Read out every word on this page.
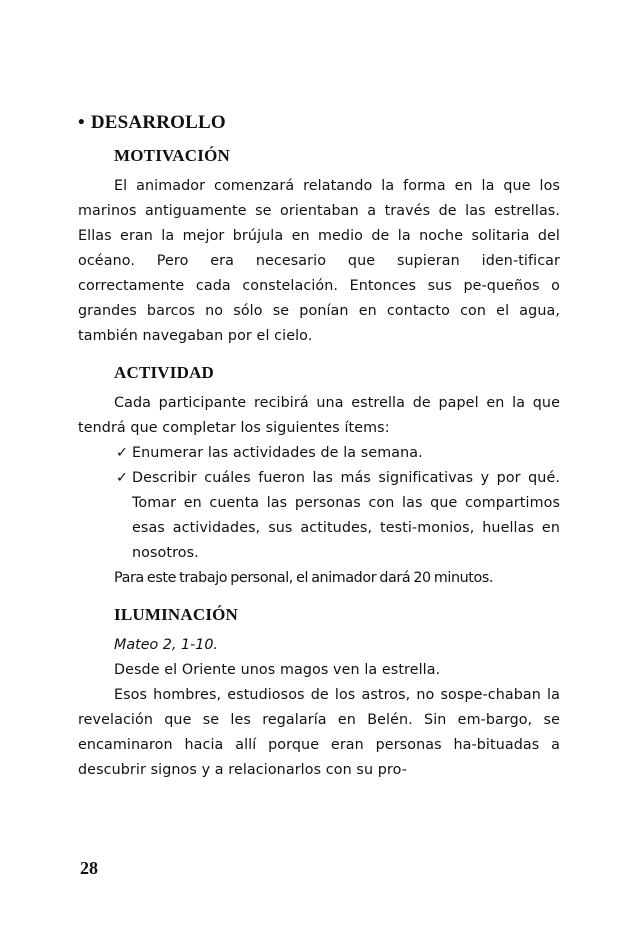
• DESARROLLO
MOTIVACIÓN

El animador comenzará relatando la forma en la que los marinos antiguamente se orientaban a través de las estrellas. Ellas eran la mejor brújula en medio de la noche solitaria del océano. Pero era necesario que supieran iden-tificar correctamente cada constelación. Entonces sus pe-queños o grandes barcos no sólo se ponían en contacto con el agua, también navegaban por el cielo.

ACTIVIDAD

Cada participante recibirá una estrella de papel en la que tendrá que completar los siguientes ítems:

✓ Enumerar las actividades de la semana.
✓ Describir cuáles fueron las más significativas y por qué. Tomar en cuenta las personas con las que compartimos esas actividades, sus actitudes, testi-monios, huellas en nosotros.
Para este trabajo personal, el animador dará 20 minutos.
ILUMINACIÓN
Mateo 2, 1-10.
Desde el Oriente unos magos ven la estrella.

Esos hombres, estudiosos de los astros, no sospe-chaban la revelación que se les regalaría en Belén. Sin em-bargo, se encaminaron hacia allí porque eran personas ha-bituadas a descubrir signos y a relacionarlos con su pro-

28
